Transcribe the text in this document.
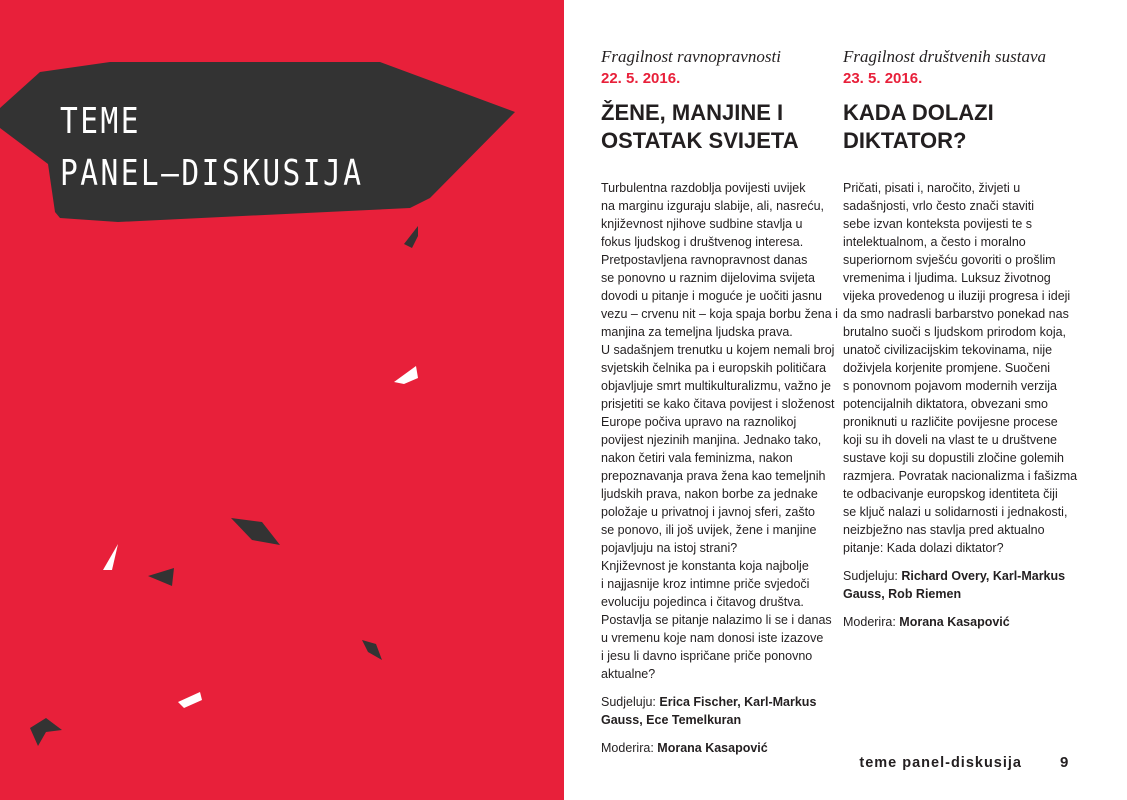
TEME
PANEL–DISKUSIJA
Fragilnost ravnopravnosti
22. 5. 2016.
ŽENE, MANJINE I
OSTATAK SVIJETA
Turbulentna razdoblja povijesti uvijek
na marginu izguraju slabije, ali, nasreću,
književnost njihove sudbine stavlja u
fokus ljudskog i društvenog interesa.
Pretpostavljena ravnopravnost danas
se ponovno u raznim dijelovima svijeta
dovodi u pitanje i moguće je uočiti jasnu
vezu – crvenu nit – koja spaja borbu žena i
manjina za temeljna ljudska prava.
U sadašnjem trenutku u kojem nemali broj
svjetskih čelnika pa i europskih političara
objavljuje smrt multikulturalizmu, važno je
prisjetiti se kako čitava povijest i složenost
Europe počiva upravo na raznolikoj
povijest njezinih manjina. Jednako tako,
nakon četiri vala feminizma, nakon
prepoznavanja prava žena kao temeljnih
ljudskih prava, nakon borbe za jednake
položaje u privatnoj i javnoj sferi, zašto
se ponovo, ili još uvijek, žene i manjine
pojavljuju na istoj strani?
Književnost je konstanta koja najbolje
i najjasnije kroz intimne priče svjedoči
evoluciju pojedinca i čitavog društva.
Postavlja se pitanje nalazimo li se i danas
u vremenu koje nam donosi iste izazove
i jesu li davno ispričane priče ponovno
aktualne?
Sudjeluju: Erica Fischer, Karl-Markus
Gauss, Ece Temelkuran
Moderira: Morana Kasapović
Fragilnost društvenih sustava
23. 5. 2016.
KADA DOLAZI
DIKTATOR?
Pričati, pisati i, naročito, živjeti u
sadašnjosti, vrlo često znači staviti
sebe izvan konteksta povijesti te s
intelektualnom, a često i moralno
superiornom svješću govoriti o prošlim
vremenima i ljudima. Luksuz životnog
vijeka provedenog u iluziji progresa i ideji
da smo nadrasli barbarstvo ponekad nas
brutalno suoči s ljudskom prirodom koja,
unatoč civilizacijskim tekovinama, nije
doživjela korjenite promjene. Suočeni
s ponovnom pojavom modernih verzija
potencijalnih diktatora, obvezani smo
proniknuti u različite povijesne procese
koji su ih doveli na vlast te u društvene
sustave koji su dopustili zločine golemih
razmjera. Povratak nacionalizma i fašizma
te odbacivanje europskog identiteta čiji
se ključ nalazi u solidarnosti i jednakosti,
neizbježno nas stavlja pred aktualno
pitanje: Kada dolazi diktator?
Sudjeluju: Richard Overy, Karl-Markus
Gauss, Rob Riemen
Moderira: Morana Kasapović
teme panel-diskusija	9
